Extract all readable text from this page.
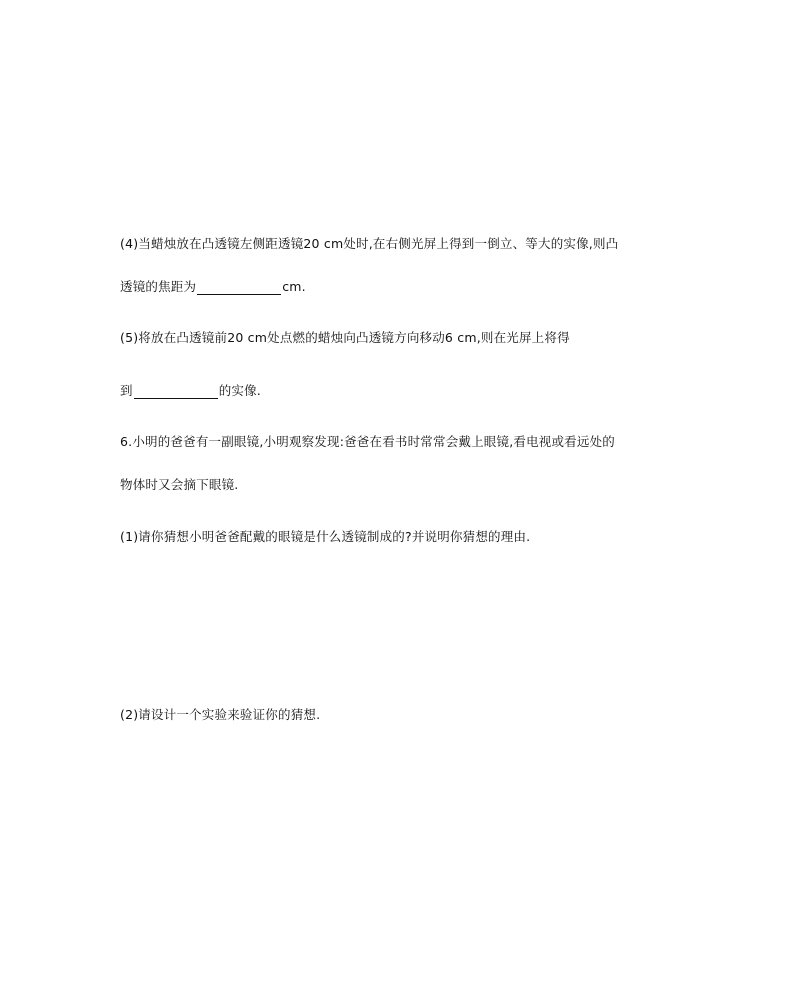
(4)当蜡烛放在凸透镜左侧距透镜20 cm处时,在右侧光屏上得到一倒立、等大的实像,则凸
透镜的焦距为	cm.
(5)将放在凸透镜前20 cm处点燃的蜡烛向凸透镜方向移动6 cm,则在光屏上将得
到	的实像.
6.小明的爸爸有一副眼镜,小明观察发现:爸爸在看书时常常会戴上眼镜,看电视或看远处的
物体时又会摘下眼镜.
(1)请你猜想小明爸爸配戴的眼镜是什么透镜制成的?并说明你猜想的理由.
(2)请设计一个实验来验证你的猜想.
